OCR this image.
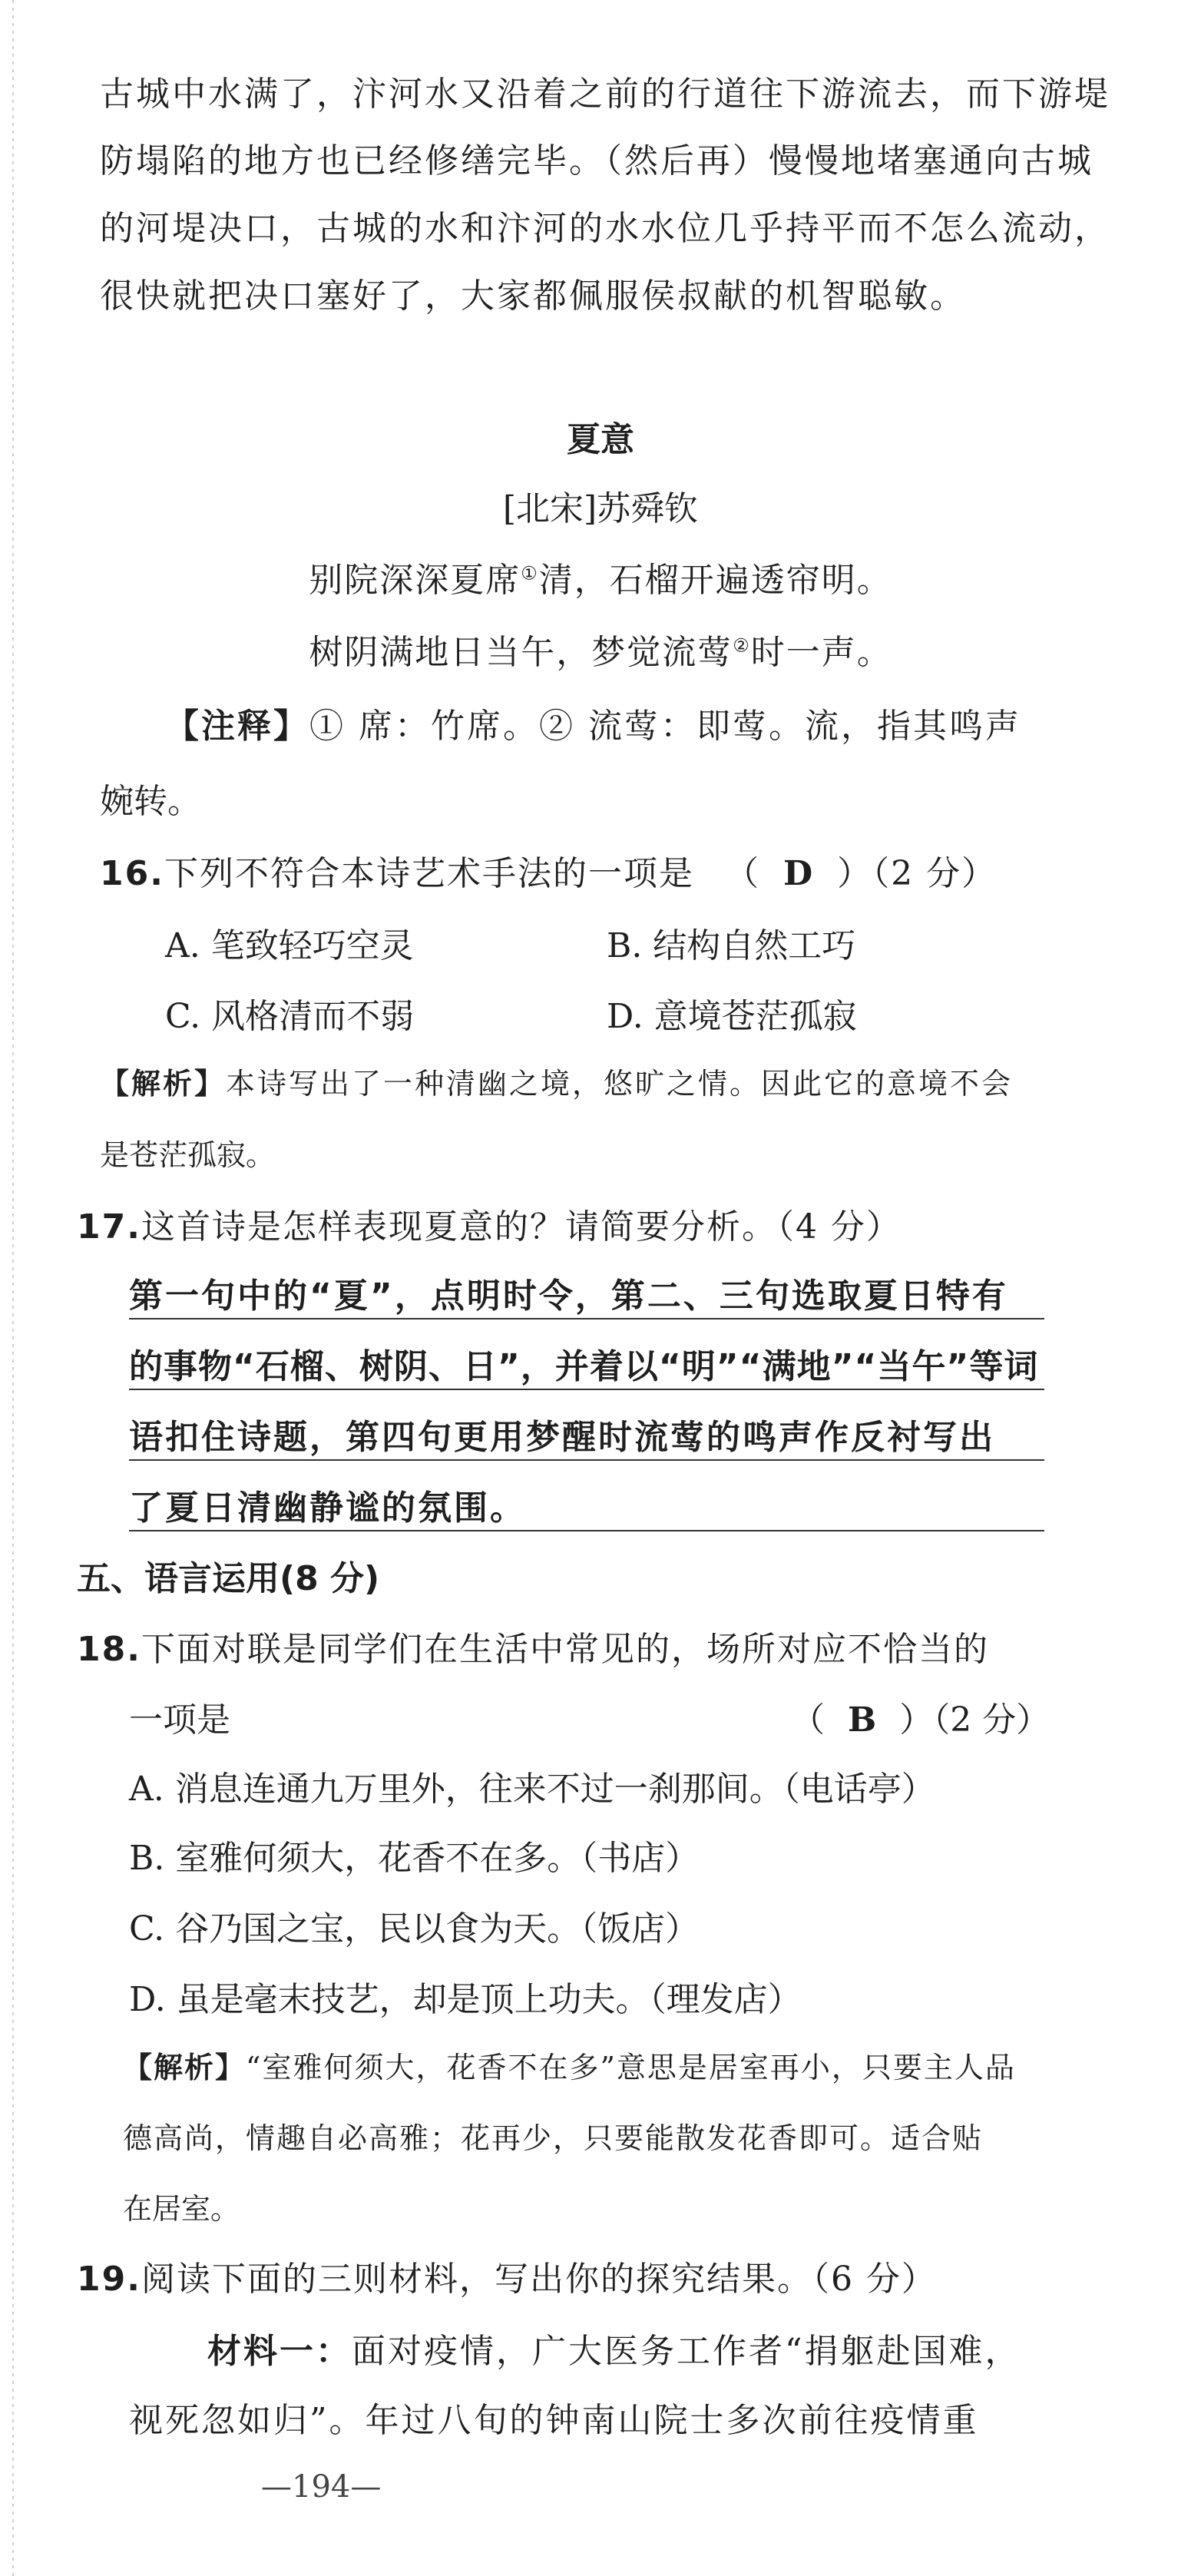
古城中水满了，汴河水又沿着之前的行道往下游流去，而下游堤
防塌陷的地方也已经修缮完毕。（然后再）慢慢地堵塞通向古城
的河堤决口，古城的水和汴河的水水位几乎持平而不怎么流动，
很快就把决口塞好了，大家都佩服侯叔献的机智聪敏。
夏意
[北宋]苏舜钦
别院深深夏席①清，石榴开遍透帘明。
树阴满地日当午，梦觉流莺②时一声。
【注释】① 席：竹席。② 流莺：即莺。流，指其鸣声
婉转。
16.下列不符合本诗艺术手法的一项是 （ D ）（2 分）
A. 笔致轻巧空灵	B. 结构自然工巧
C. 风格清而不弱	D. 意境苍茫孤寂
【解析】本诗写出了一种清幽之境，悠旷之情。因此它的意境不会
是苍茫孤寂。
17.这首诗是怎样表现夏意的？请简要分析。（4 分）
第一句中的“夏”，点明时令，第二、三句选取夏日特有
的事物“石榴、树阴、日”，并着以“明”“满地”“当午”等词
语扣住诗题，第四句更用梦醒时流莺的鸣声作反衬写出
了夏日清幽静谧的氛围。
五、语言运用(8 分)
18.下面对联是同学们在生活中常见的，场所对应不恰当的
一项是	（ B ）（2 分）
A. 消息连通九万里外，往来不过一刹那间。（电话亭）
B. 室雅何须大，花香不在多。（书店）
C. 谷乃国之宝，民以食为天。（饭店）
D. 虽是毫末技艺，却是顶上功夫。（理发店）
【解析】“室雅何须大，花香不在多”意思是居室再小，只要主人品
德高尚，情趣自必高雅；花再少，只要能散发花香即可。适合贴
在居室。
19.阅读下面的三则材料，写出你的探究结果。（6 分）
材料一：面对疫情，广大医务工作者“捐躯赴国难，
视死忽如归”。年过八旬的钟南山院士多次前往疫情重
—194—
